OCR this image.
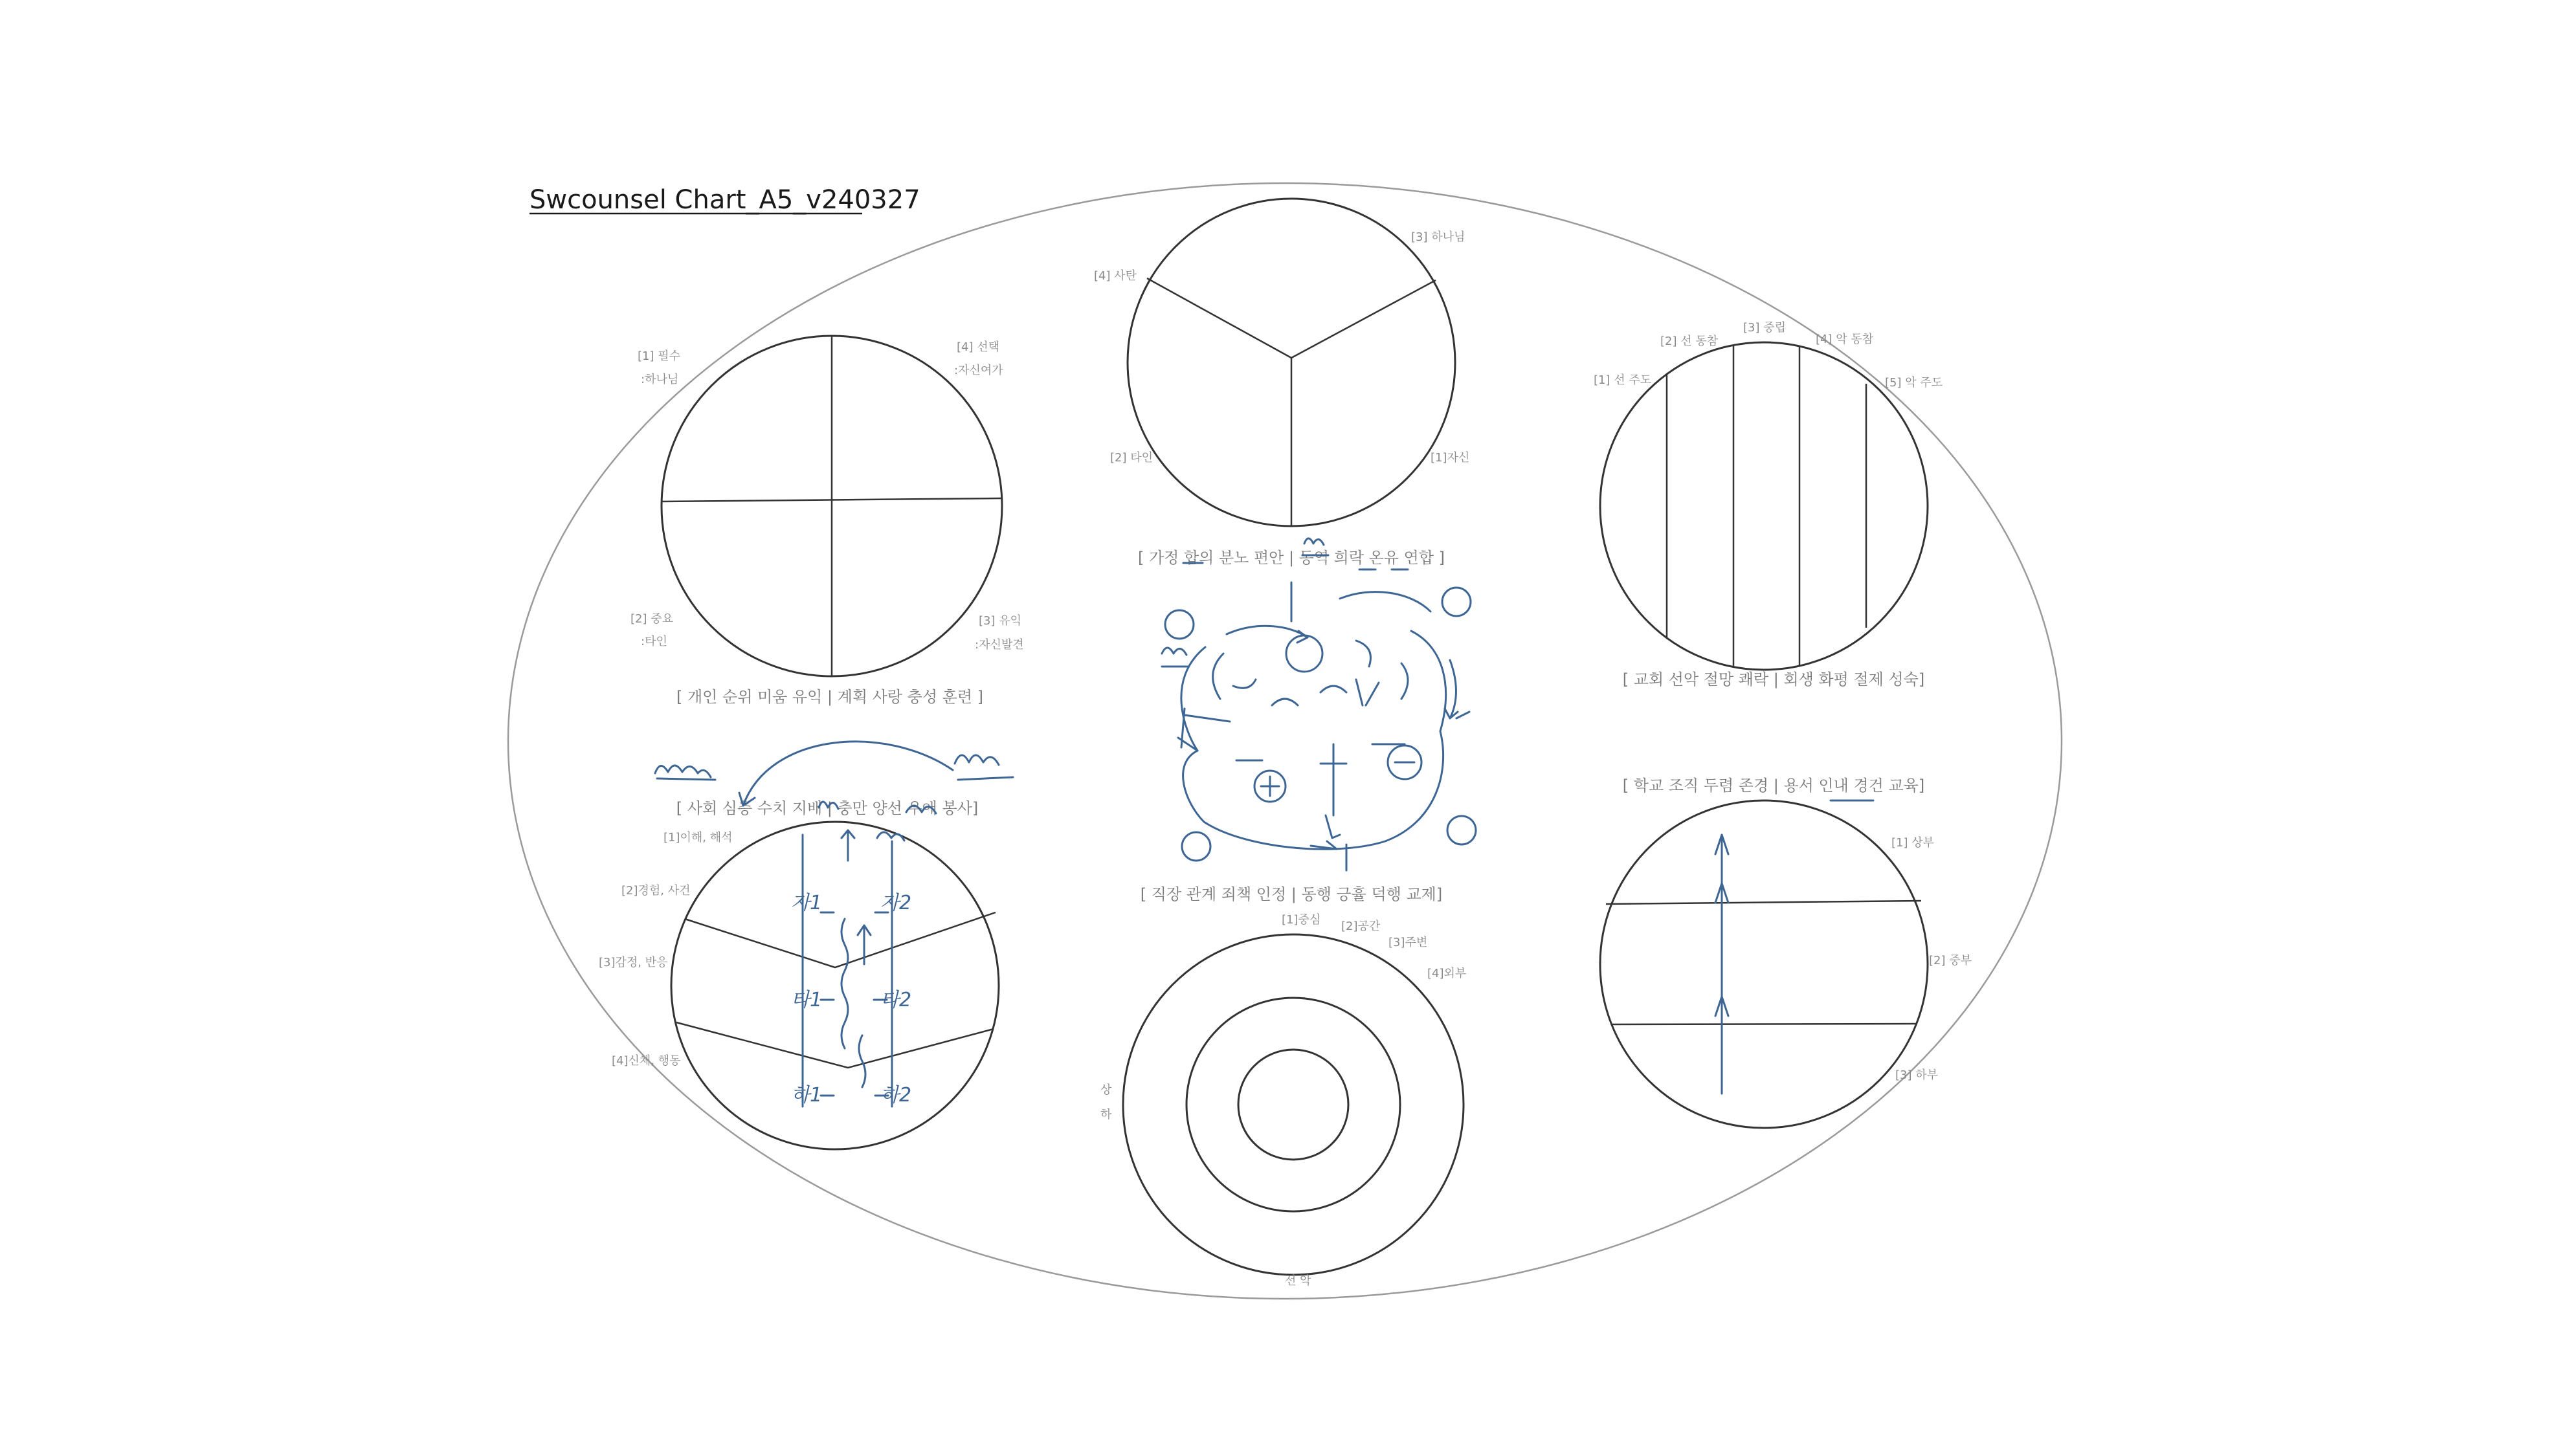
Swcounsel Chart_A5_v240327
[1] 필수
:하나님
[4] 선택
:자신여가
[2] 중요
:타인
[3] 유익
:자신발견
[ 개인 순위 미움 유익 | 계획 사랑 충성 훈련 ]
[3] 하나님
[4] 사탄
[2] 타인	[1]자신
[ 가정 합의 분노 편안 | 동역 희락 온유 연합 ]
[2] 선 동참
[3] 중립
[4] 악 동참
[1] 선 주도	[5] 악 주도
[ 교회 선악 절망 쾌락 | 회생 화평 절제 성숙]
[ 사회 심층 수치 지배 | 충만 양선 우애 봉사]
[1]이해, 해석
[2]경험, 사건
[3]감정, 반응
[4]신체, 행동
[ 직장 관계 죄책 인정 | 동행 긍휼 덕행 교제]
[1]중심 [2]공간
[3]주변
[4]외부
상
하
선 악
[ 학교 조직 두렴 존경 | 용서 인내 경건 교육]
[1] 상부
[2] 중부
[3] 하부
자1	자2
타1	타2
하1	하2
